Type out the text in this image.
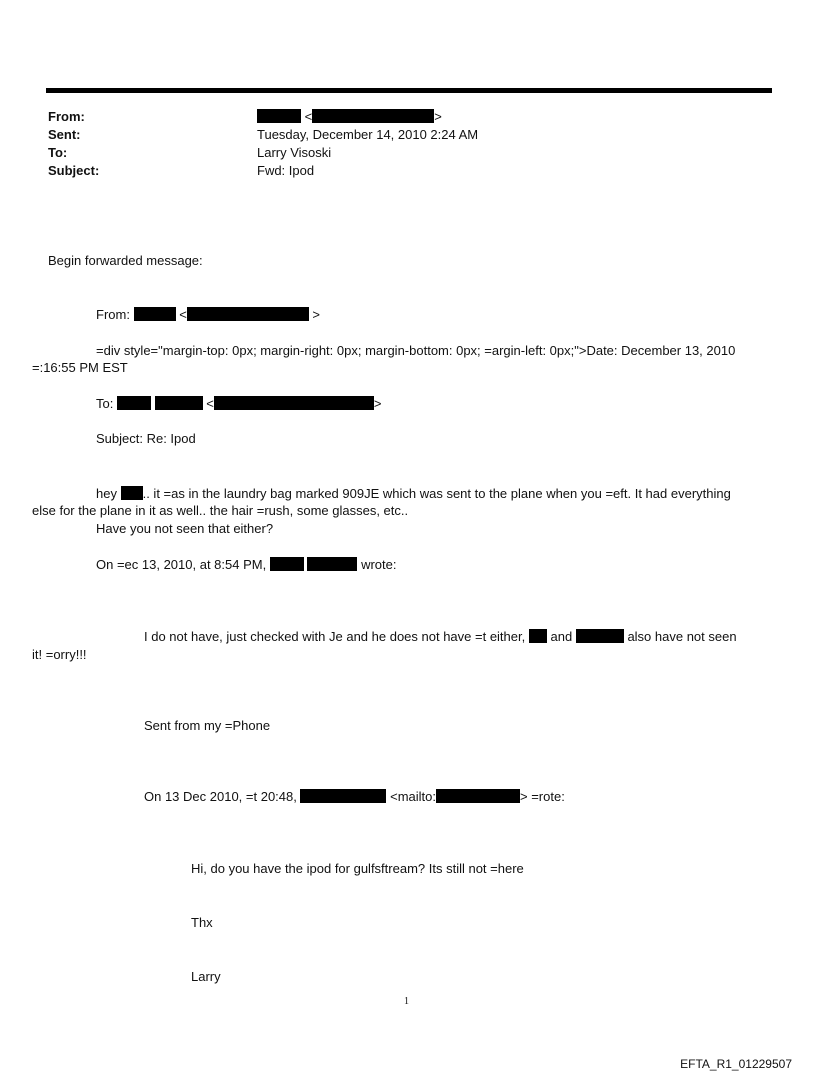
From:	<	>
Sent:	Tuesday, December 14, 2010 2:24 AM
To:	Larry Visoski
Subject:	Fwd: Ipod
Begin forwarded message:
From:	<	>
=div style="margin-top: 0px; margin-right: 0px; margin-bottom: 0px; =argin-left: 0px;">Date: December 13, 2010
=:16:55 PM EST
To:	<	>
Subject: Re: Ipod
hey .. it =as in the laundry bag marked 909JE which was sent to the plane when you =eft. It had everything
else for the plane in it as well.. the hair =rush, some glasses, etc..
Have you not seen that either?
On =ec 13, 2010, at 8:54 PM,	wrote:
I do not have, just checked with Je and he does not have =t either, and	also have not seen
it! =orry!!!
Sent from my =Phone
On 13 Dec 2010, =t 20:48,	<mailto:	> =rote:
Hi, do you have the ipod for gulfsftream? Its still not =here
Thx
Larry
1
EFTA_R1_01229507
